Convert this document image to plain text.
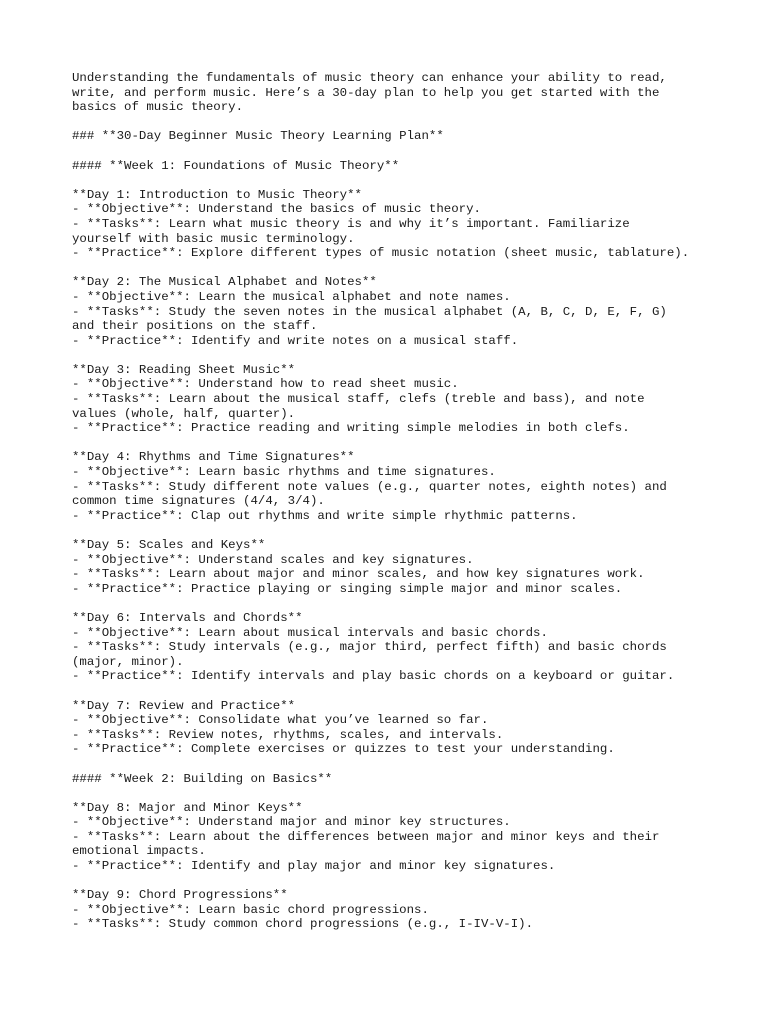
Understanding the fundamentals of music theory can enhance your ability to read,
write, and perform music. Here’s a 30-day plan to help you get started with the
basics of music theory.
### **30-Day Beginner Music Theory Learning Plan**
#### **Week 1: Foundations of Music Theory**
**Day 1: Introduction to Music Theory**
- **Objective**: Understand the basics of music theory.
- **Tasks**: Learn what music theory is and why it’s important. Familiarize
yourself with basic music terminology.
- **Practice**: Explore different types of music notation (sheet music, tablature).
**Day 2: The Musical Alphabet and Notes**
- **Objective**: Learn the musical alphabet and note names.
- **Tasks**: Study the seven notes in the musical alphabet (A, B, C, D, E, F, G)
and their positions on the staff.
- **Practice**: Identify and write notes on a musical staff.
**Day 3: Reading Sheet Music**
- **Objective**: Understand how to read sheet music.
- **Tasks**: Learn about the musical staff, clefs (treble and bass), and note
values (whole, half, quarter).
- **Practice**: Practice reading and writing simple melodies in both clefs.
**Day 4: Rhythms and Time Signatures**
- **Objective**: Learn basic rhythms and time signatures.
- **Tasks**: Study different note values (e.g., quarter notes, eighth notes) and
common time signatures (4/4, 3/4).
- **Practice**: Clap out rhythms and write simple rhythmic patterns.
**Day 5: Scales and Keys**
- **Objective**: Understand scales and key signatures.
- **Tasks**: Learn about major and minor scales, and how key signatures work.
- **Practice**: Practice playing or singing simple major and minor scales.
**Day 6: Intervals and Chords**
- **Objective**: Learn about musical intervals and basic chords.
- **Tasks**: Study intervals (e.g., major third, perfect fifth) and basic chords
(major, minor).
- **Practice**: Identify intervals and play basic chords on a keyboard or guitar.
**Day 7: Review and Practice**
- **Objective**: Consolidate what you’ve learned so far.
- **Tasks**: Review notes, rhythms, scales, and intervals.
- **Practice**: Complete exercises or quizzes to test your understanding.
#### **Week 2: Building on Basics**
**Day 8: Major and Minor Keys**
- **Objective**: Understand major and minor key structures.
- **Tasks**: Learn about the differences between major and minor keys and their
emotional impacts.
- **Practice**: Identify and play major and minor key signatures.
**Day 9: Chord Progressions**
- **Objective**: Learn basic chord progressions.
- **Tasks**: Study common chord progressions (e.g., I-IV-V-I).
